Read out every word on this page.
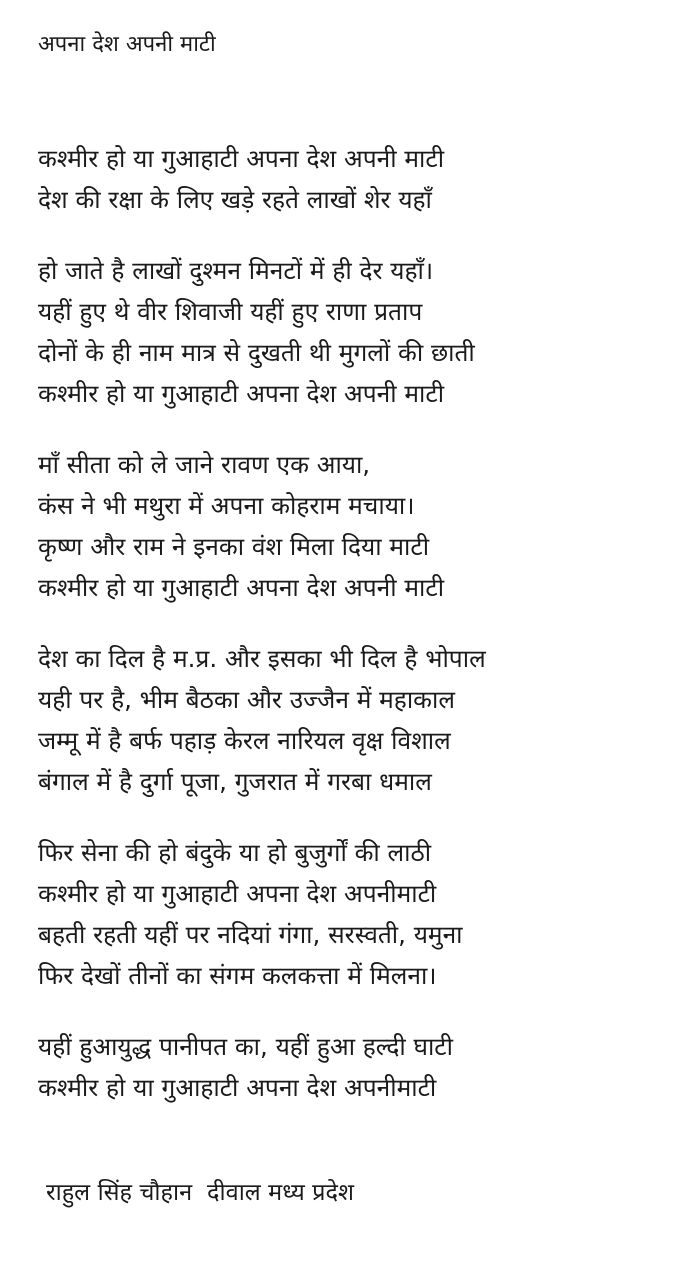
अपना देश अपनी माटी
कश्मीर हो या गुआहाटी अपना देश अपनी माटी
देश की रक्षा के लिए खड़े रहते लाखों शेर यहाँ
हो जाते है लाखों दुश्मन मिनटों में ही देर यहाँ।
यहीं हुए थे वीर शिवाजी यहीं हुए राणा प्रताप
दोनों के ही नाम मात्र से दुखती थी मुगलों की छाती
कश्मीर हो या गुआहाटी अपना देश अपनी माटी
माँ सीता को ले जाने रावण एक आया,
कंस ने भी मथुरा में अपना कोहराम मचाया।
कृष्ण और राम ने इनका वंश मिला दिया माटी
कश्मीर हो या गुआहाटी अपना देश अपनी माटी
देश का दिल है म.प्र. और इसका भी दिल है भोपाल
यही पर है, भीम बैठका और उज्जैन में महाकाल
जम्मू में है बर्फ पहाड़ केरल नारियल वृक्ष विशाल
बंगाल में है दुर्गा पूजा, गुजरात में गरबा धमाल
फिर सेना की हो बंदुके या हो बुजुर्गों की लाठी
कश्मीर हो या गुआहाटी अपना देश अपनीमाटी
बहती रहती यहीं पर नदियां गंगा, सरस्वती, यमुना
फिर देखों तीनों का संगम कलकत्ता में मिलना।
यहीं हुआयुद्ध पानीपत का, यहीं हुआ हल्दी घाटी
कश्मीर हो या गुआहाटी अपना देश अपनीमाटी
राहुल सिंह चौहान  दीवाल मध्य प्रदेश
